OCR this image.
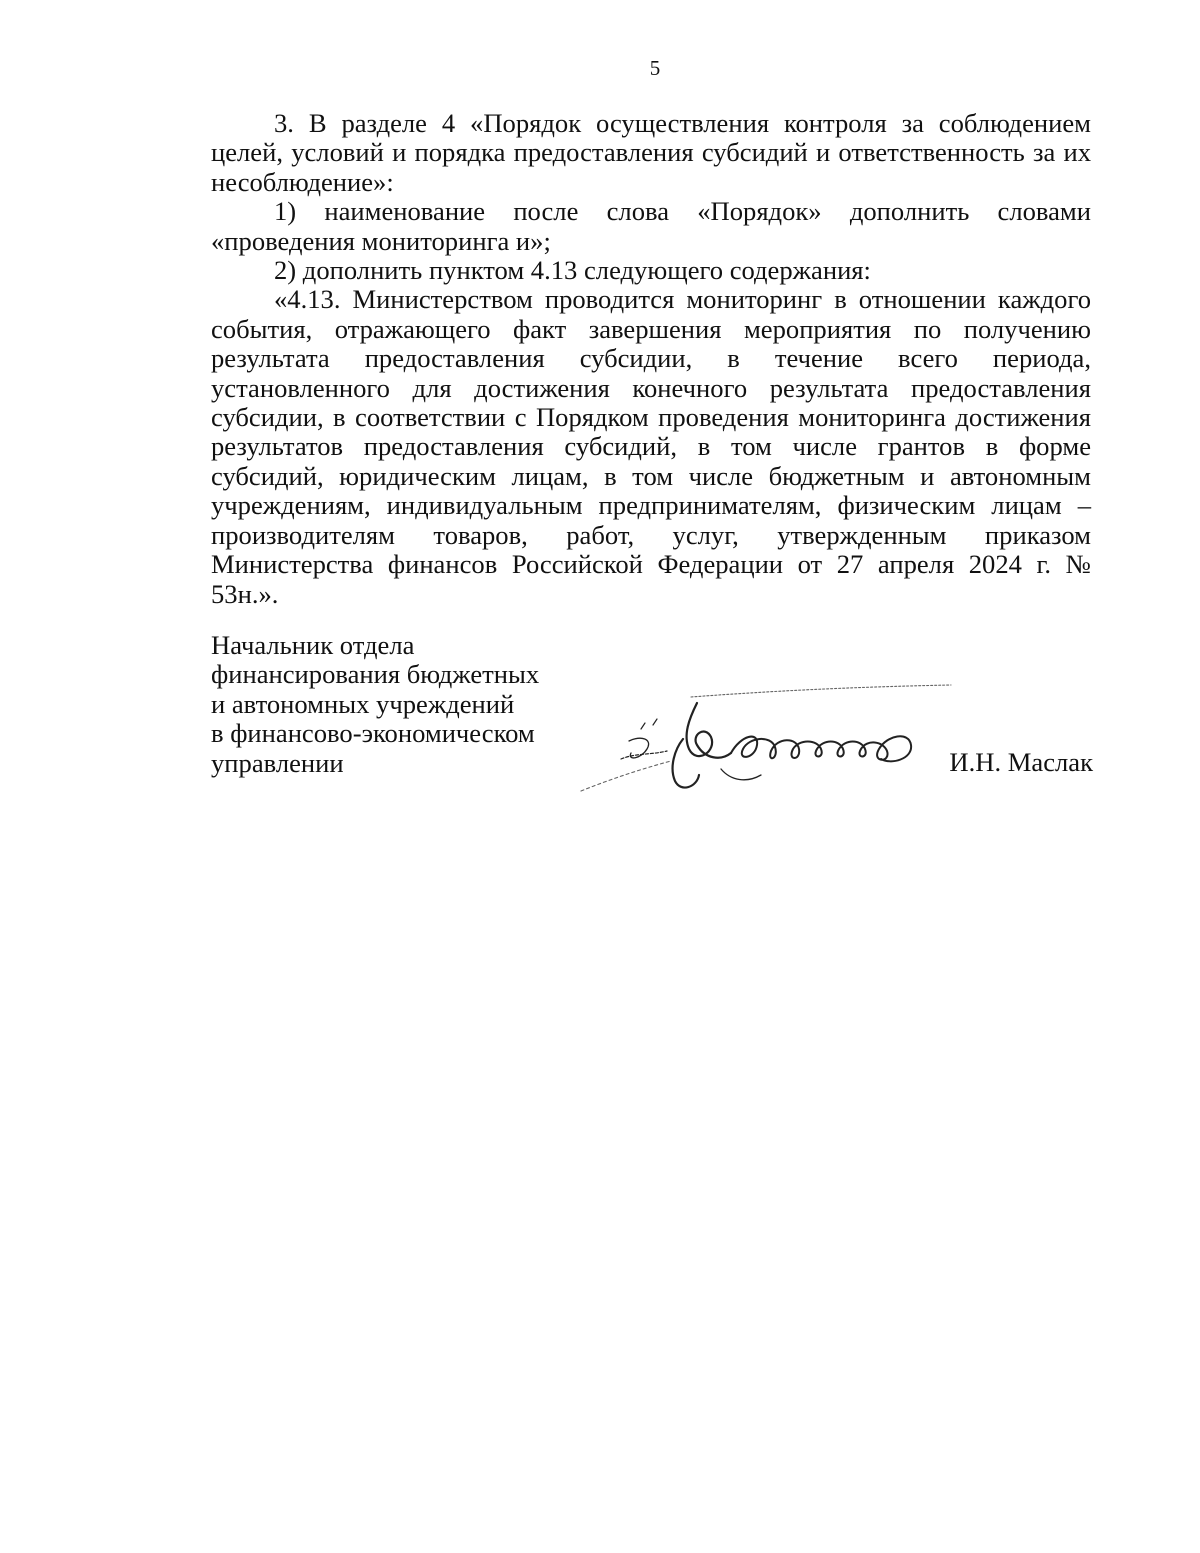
5

3. В разделе 4 «Порядок осуществления контроля за соблюдением целей, условий и порядка предоставления субсидий и ответственность за их несоблюдение»:

1) наименование после слова «Порядок» дополнить словами «проведения мониторинга и»;

2) дополнить пунктом 4.13 следующего содержания:

«4.13. Министерством проводится мониторинг в отношении каждого события, отражающего факт завершения мероприятия по получению результата предоставления субсидии, в течение всего периода, установленного для достижения конечного результата предоставления субсидии, в соответствии с Порядком проведения мониторинга достижения результатов предоставления субсидий, в том числе грантов в форме субсидий, юридическим лицам, в том числе бюджетным и автономным учреждениям, индивидуальным предпринимателям, физическим лицам – производителям товаров, работ, услуг, утвержденным приказом Министерства финансов Российской Федерации от 27 апреля 2024 г. № 53н.».

Начальник отдела
финансирования бюджетных
и автономных учреждений
в финансово-экономическом
управлении	И.Н. Маслак
